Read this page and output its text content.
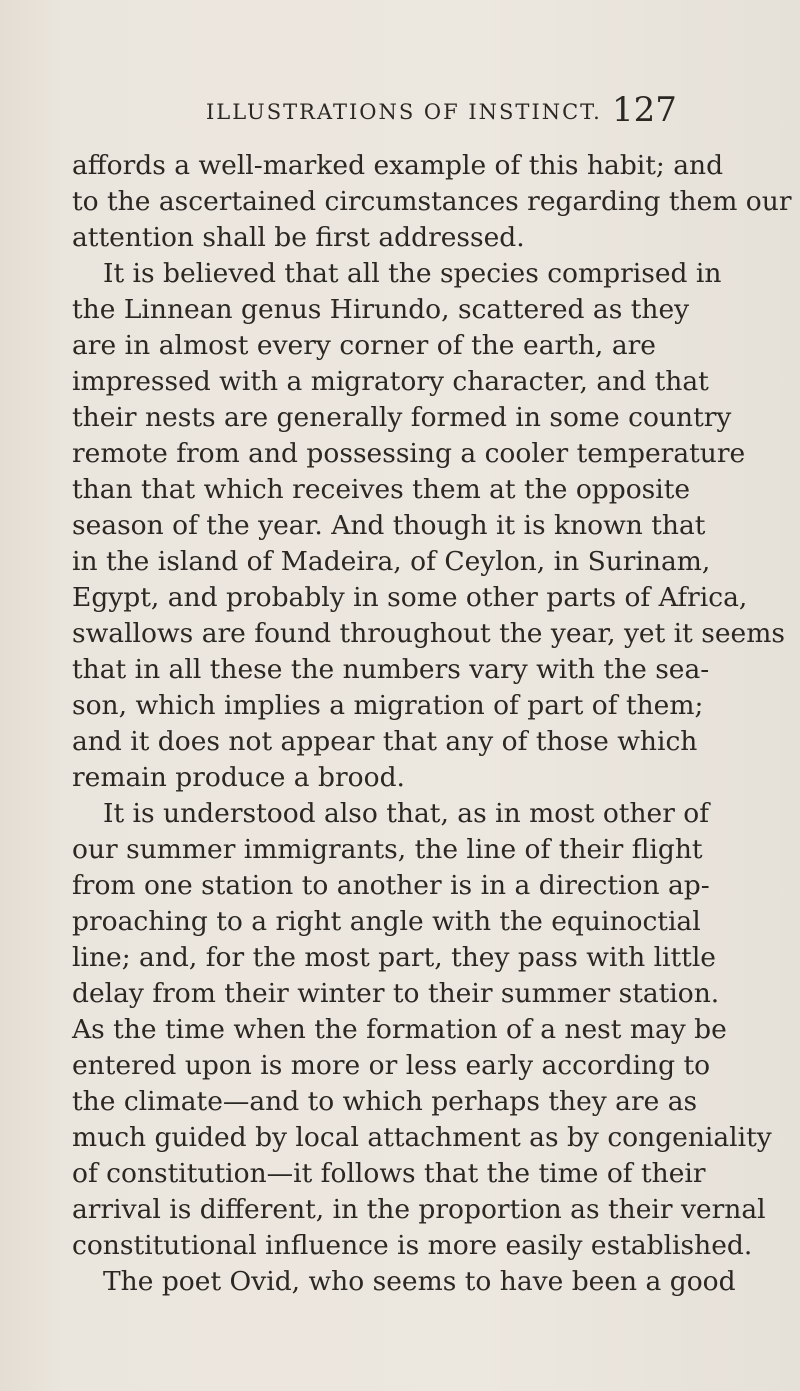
ILLUSTRATIONS OF INSTINCT. 127
affords a well-marked example of this habit; and
to the ascertained circumstances regarding them our
attention shall be first addressed.
It is believed that all the species comprised in
the Linnean genus Hirundo, scattered as they
are in almost every corner of the earth, are
impressed with a migratory character, and that
their nests are generally formed in some country
remote from and possessing a cooler temperature
than that which receives them at the opposite
season of the year. And though it is known that
in the island of Madeira, of Ceylon, in Surinam,
Egypt, and probably in some other parts of Africa,
swallows are found throughout the year, yet it seems
that in all these the numbers vary with the sea-
son, which implies a migration of part of them;
and it does not appear that any of those which
remain produce a brood.
It is understood also that, as in most other of
our summer immigrants, the line of their flight
from one station to another is in a direction ap-
proaching to a right angle with the equinoctial
line; and, for the most part, they pass with little
delay from their winter to their summer station.
As the time when the formation of a nest may be
entered upon is more or less early according to
the climate—and to which perhaps they are as
much guided by local attachment as by congeniality
of constitution—it follows that the time of their
arrival is different, in the proportion as their vernal
constitutional influence is more easily established.
The poet Ovid, who seems to have been a good
